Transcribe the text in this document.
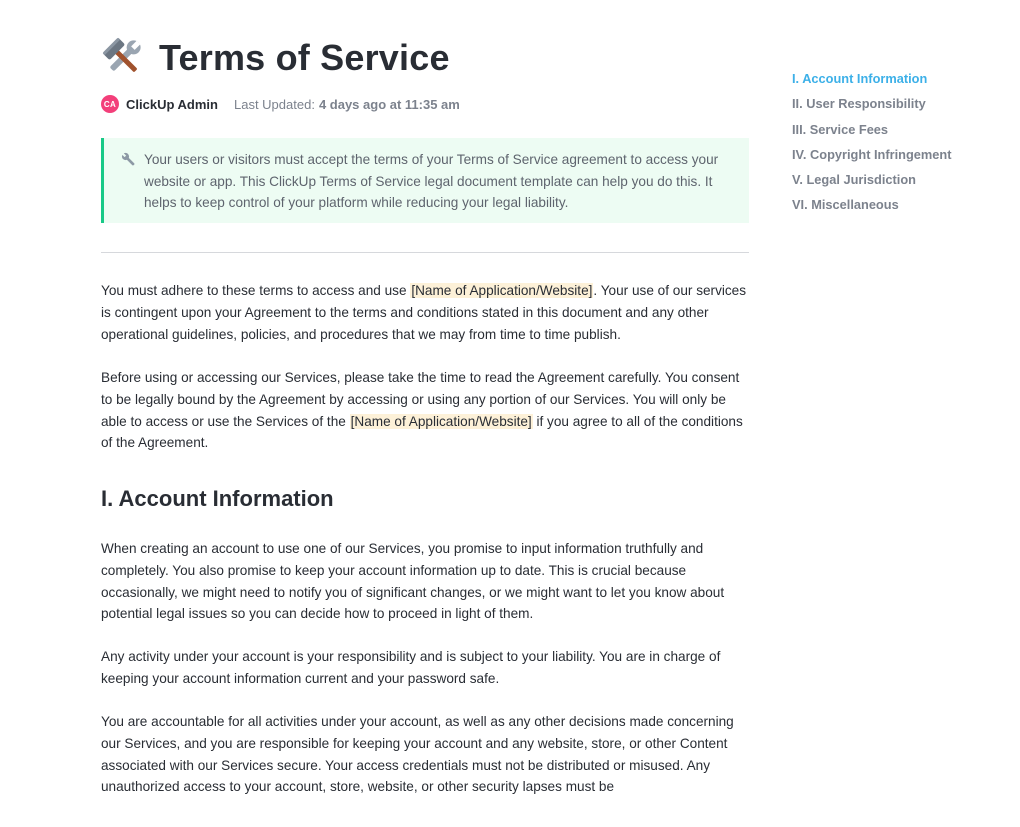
Terms of Service
CA ClickUp Admin Last Updated: 4 days ago at 11:35 am
Your users or visitors must accept the terms of your Terms of Service agreement to access your website or app. This ClickUp Terms of Service legal document template can help you do this. It helps to keep control of your platform while reducing your legal liability.

You must adhere to these terms to access and use [Name of Application/Website]. Your use of our services is contingent upon your Agreement to the terms and conditions stated in this document and any other operational guidelines, policies, and procedures that we may from time to time publish.

Before using or accessing our Services, please take the time to read the Agreement carefully. You consent to be legally bound by the Agreement by accessing or using any portion of our Services. You will only be able to access or use the Services of the [Name of Application/Website] if you agree to all of the conditions of the Agreement.

I. Account Information

When creating an account to use one of our Services, you promise to input information truthfully and completely. You also promise to keep your account information up to date. This is crucial because occasionally, we might need to notify you of significant changes, or we might want to let you know about potential legal issues so you can decide how to proceed in light of them.

Any activity under your account is your responsibility and is subject to your liability. You are in charge of keeping your account information current and your password safe.

You are accountable for all activities under your account, as well as any other decisions made concerning our Services, and you are responsible for keeping your account and any website, store, or other Content associated with our Services secure. Your access credentials must not be distributed or misused. Any unauthorized access to your account, store, website, or other security lapses must be

I. Account Information
II. User Responsibility
III. Service Fees
IV. Copyright Infringement
V. Legal Jurisdiction
VI. Miscellaneous
